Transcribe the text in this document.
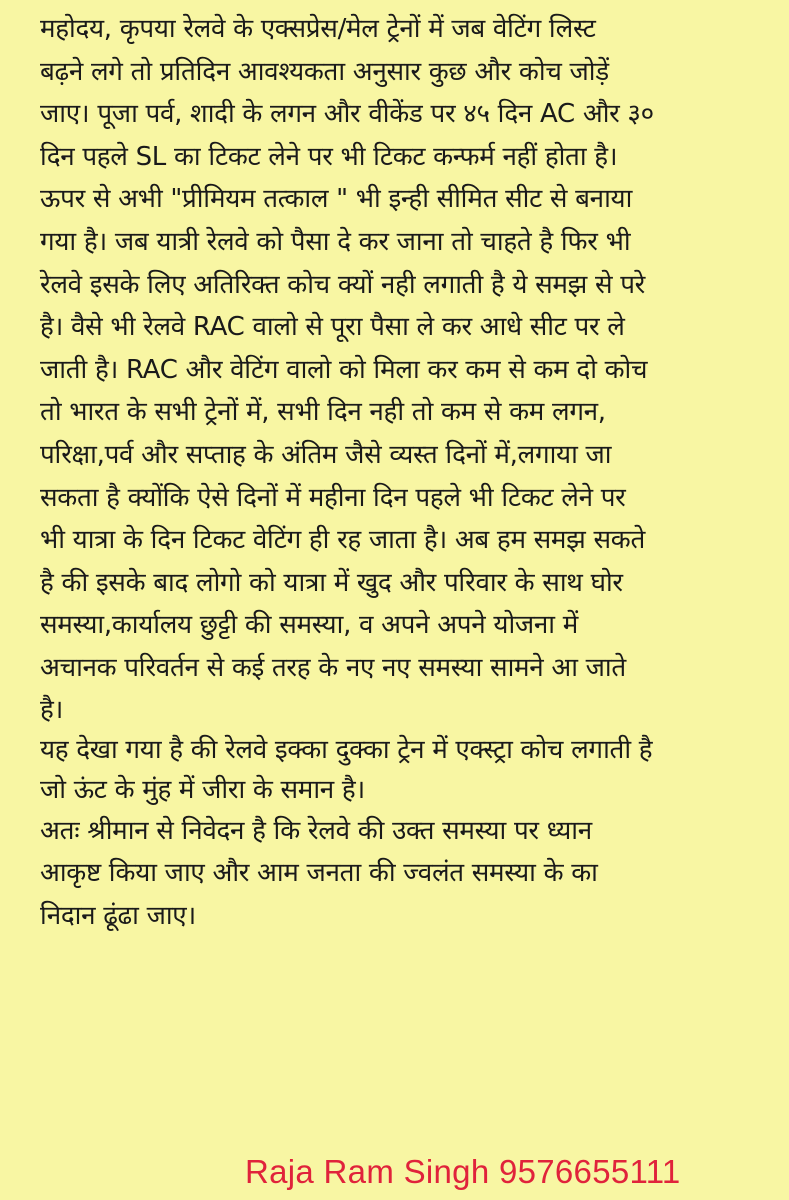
महोदय, कृपया रेलवे के एक्सप्रेस/मेल ट्रेनों में जब वेटिंग लिस्ट
बढ़ने लगे तो प्रतिदिन आवश्यकता अनुसार कुछ और कोच जोड़ें
जाए। पूजा पर्व, शादी के लगन और वीकेंड पर ४५ दिन AC और ३०
दिन पहले SL का टिकट लेने पर भी टिकट कन्फर्म नहीं होता है।
ऊपर से अभी "प्रीमियम तत्काल " भी इन्ही सीमित सीट से बनाया
गया है। जब यात्री रेलवे को पैसा दे कर जाना तो चाहते है फिर भी
रेलवे इसके लिए अतिरिक्त कोच क्यों नही लगाती है ये समझ से परे
है। वैसे भी रेलवे RAC वालो से पूरा पैसा ले कर आधे सीट पर ले
जाती है। RAC और वेटिंग वालो को मिला कर कम से कम दो कोच
तो भारत के सभी ट्रेनों में, सभी दिन नही तो कम से कम लगन,
परिक्षा,पर्व और सप्ताह के अंतिम जैसे व्यस्त दिनों में,लगाया जा
सकता है क्योंकि ऐसे दिनों में महीना दिन पहले भी टिकट लेने पर
भी यात्रा के दिन टिकट वेटिंग ही रह जाता है। अब हम समझ सकते
है की इसके बाद लोगो को यात्रा में खुद और परिवार के साथ घोर
समस्या,कार्यालय छुट्टी की समस्या, व अपने अपने योजना में
अचानक परिवर्तन से कई तरह के नए नए समस्या सामने आ जाते
है।
यह देखा गया है की रेलवे इक्का दुक्का ट्रेन में एक्स्ट्रा कोच लगाती है
जो ऊंट के मुंह में जीरा के समान है।
अतः श्रीमान से निवेदन है कि रेलवे की उक्त समस्या पर ध्यान
आकृष्ट किया जाए और आम जनता की ज्वलंत समस्या के का
निदान ढूंढा जाए।
Raja Ram Singh 9576655111
